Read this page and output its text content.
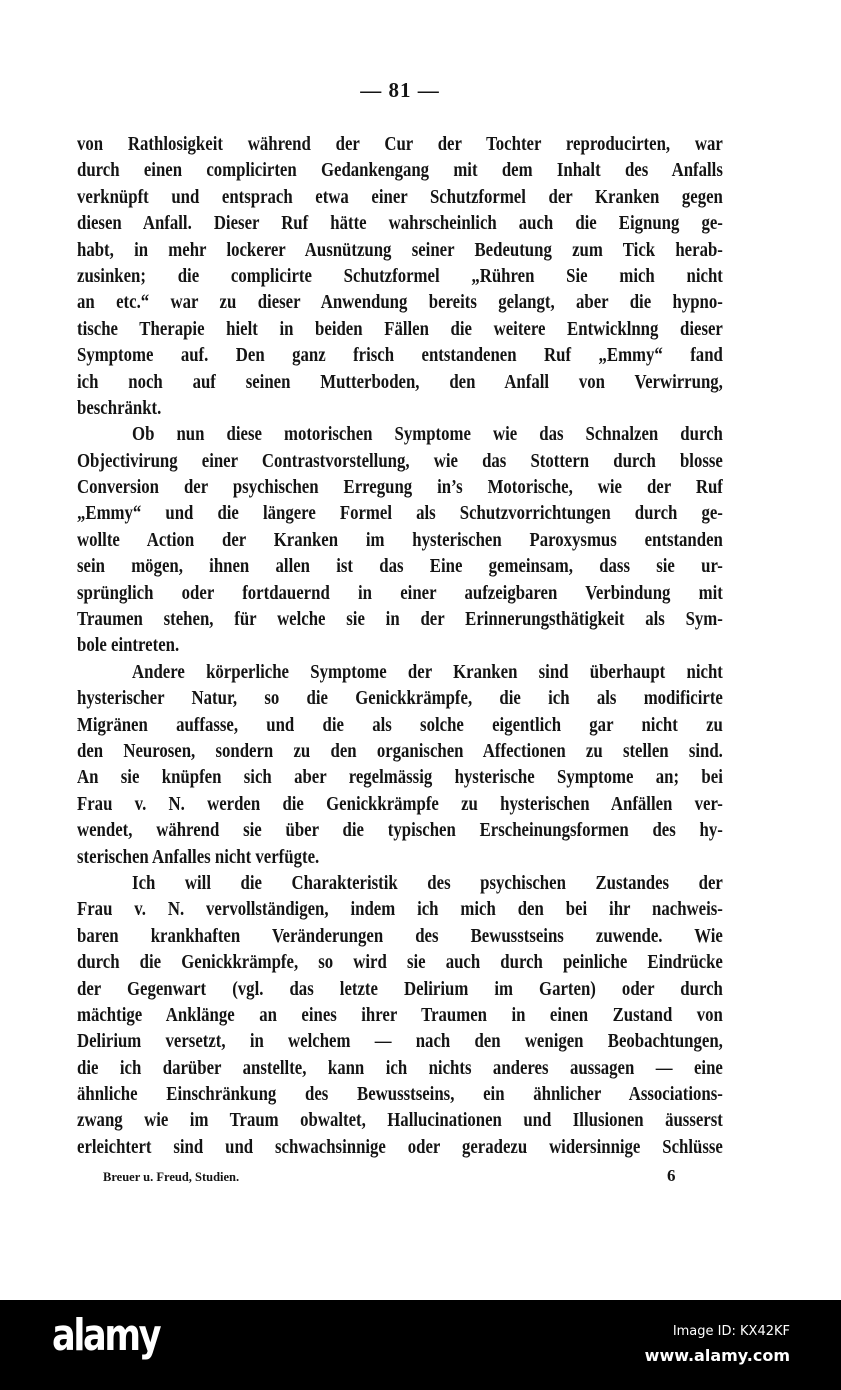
— 81 —
von Rathlosigkeit während der Cur der Tochter reproducirten, war
durch einen complicirten Gedankengang mit dem Inhalt des Anfalls
verknüpft und entsprach etwa einer Schutzformel der Kranken gegen
diesen Anfall. Dieser Ruf hätte wahrscheinlich auch die Eignung ge-
habt, in mehr lockerer Ausnützung seiner Bedeutung zum Tick herab-
zusinken; die complicirte Schutzformel „Rühren Sie mich nicht
an etc.“ war zu dieser Anwendung bereits gelangt, aber die hypno-
tische Therapie hielt in beiden Fällen die weitere Entwicklnng dieser
Symptome auf. Den ganz frisch entstandenen Ruf „Emmy“ fand
ich noch auf seinen Mutterboden, den Anfall von Verwirrung,
beschränkt.
Ob nun diese motorischen Symptome wie das Schnalzen durch
Objectivirung einer Contrastvorstellung, wie das Stottern durch blosse
Conversion der psychischen Erregung in’s Motorische, wie der Ruf
„Emmy“ und die längere Formel als Schutzvorrichtungen durch ge-
wollte Action der Kranken im hysterischen Paroxysmus entstanden
sein mögen, ihnen allen ist das Eine gemeinsam, dass sie ur-
sprünglich oder fortdauernd in einer aufzeigbaren Verbindung mit
Traumen stehen, für welche sie in der Erinnerungsthätigkeit als Sym-
bole eintreten.
Andere körperliche Symptome der Kranken sind überhaupt nicht
hysterischer Natur, so die Genickkrämpfe, die ich als modificirte
Migränen auffasse, und die als solche eigentlich gar nicht zu
den Neurosen, sondern zu den organischen Affectionen zu stellen sind.
An sie knüpfen sich aber regelmässig hysterische Symptome an; bei
Frau v. N. werden die Genickkrämpfe zu hysterischen Anfällen ver-
wendet, während sie über die typischen Erscheinungsformen des hy-
sterischen Anfalles nicht verfügte.
Ich will die Charakteristik des psychischen Zustandes der
Frau v. N. vervollständigen, indem ich mich den bei ihr nachweis-
baren krankhaften Veränderungen des Bewusstseins zuwende. Wie
durch die Genickkrämpfe, so wird sie auch durch peinliche Eindrücke
der Gegenwart (vgl. das letzte Delirium im Garten) oder durch
mächtige Anklänge an eines ihrer Traumen in einen Zustand von
Delirium versetzt, in welchem — nach den wenigen Beobachtungen,
die ich darüber anstellte, kann ich nichts anderes aussagen — eine
ähnliche Einschränkung des Bewusstseins, ein ähnlicher Associations-
zwang wie im Traum obwaltet, Hallucinationen und Illusionen äusserst
erleichtert sind und schwachsinnige oder geradezu widersinnige Schlüsse
Breuer u. Freud, Studien.	6
alamy	Image ID: KX42KF
www.alamy.com
